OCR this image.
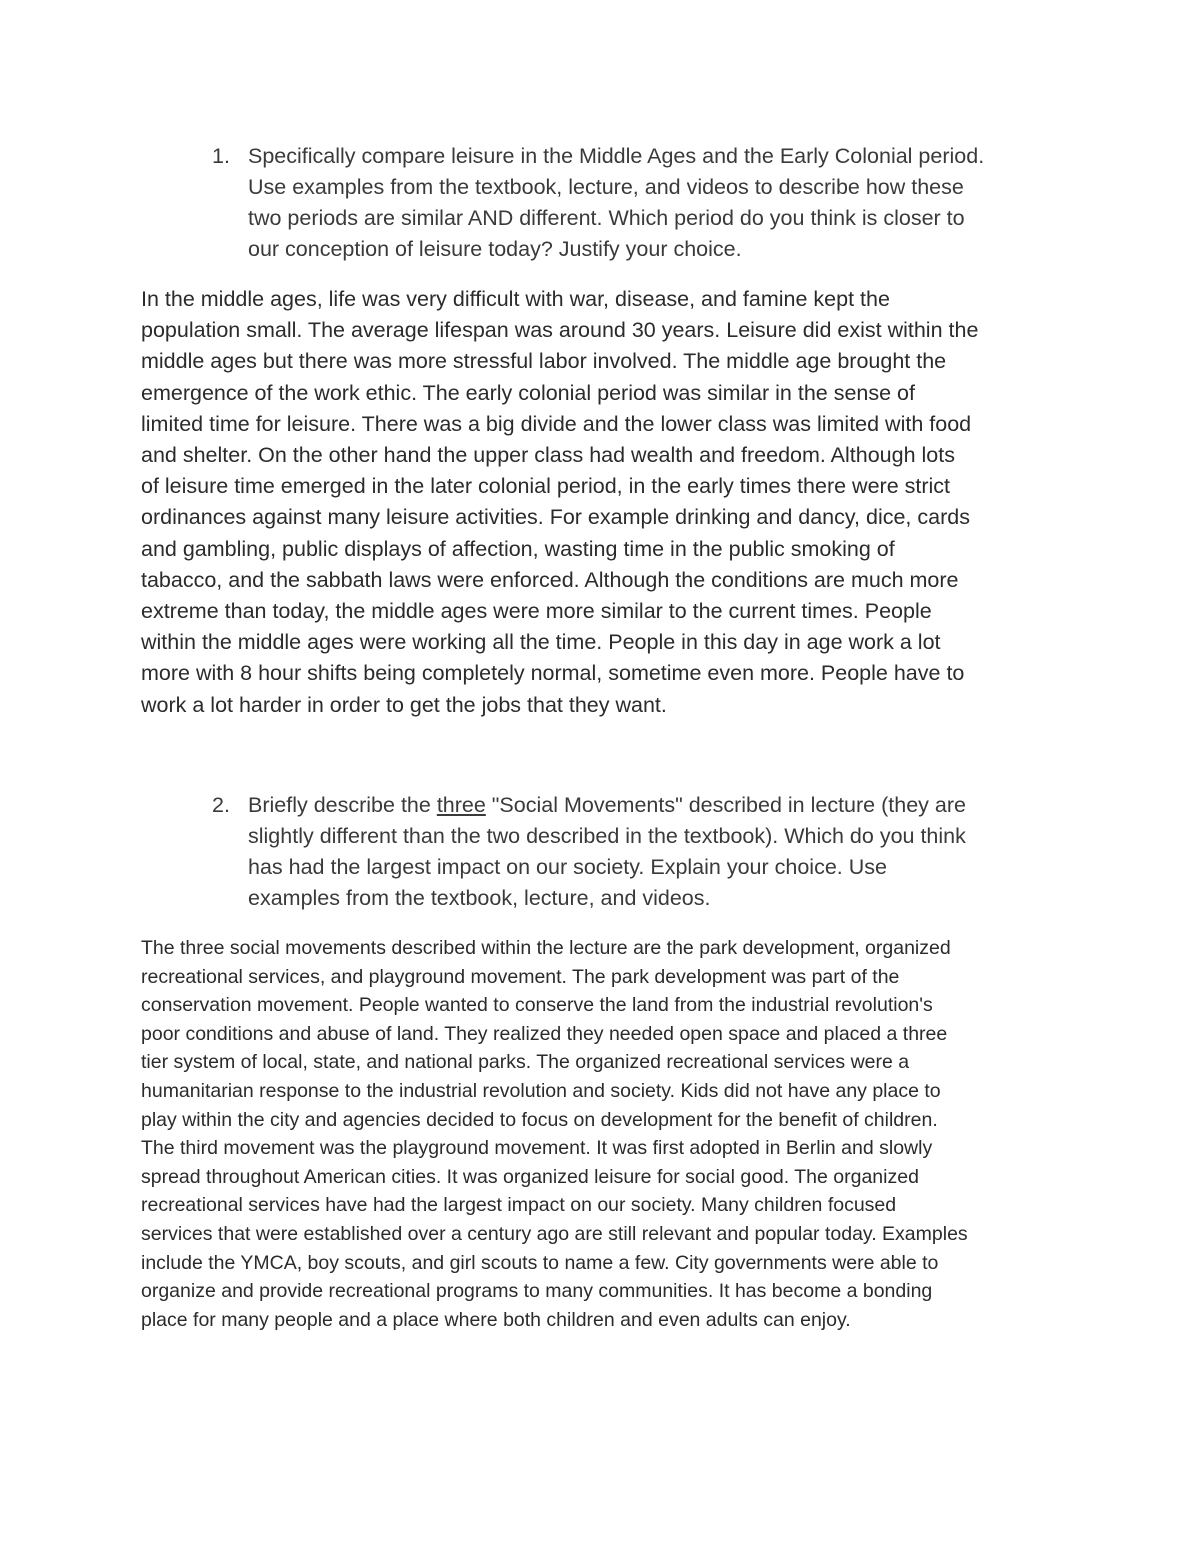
1. Specifically compare leisure in the Middle Ages and the Early Colonial period.
Use examples from the textbook, lecture, and videos to describe how these
two periods are similar AND different. Which period do you think is closer to
our conception of leisure today? Justify your choice.
In the middle ages, life was very difficult with war, disease, and famine kept the
population small. The average lifespan was around 30 years. Leisure did exist within the
middle ages but there was more stressful labor involved. The middle age brought the
emergence of the work ethic. The early colonial period was similar in the sense of
limited time for leisure. There was a big divide and the lower class was limited with food
and shelter. On the other hand the upper class had wealth and freedom. Although lots
of leisure time emerged in the later colonial period, in the early times there were strict
ordinances against many leisure activities. For example drinking and dancy, dice, cards
and gambling, public displays of affection, wasting time in the public smoking of
tabacco, and the sabbath laws were enforced. Although the conditions are much more
extreme than today, the middle ages were more similar to the current times. People
within the middle ages were working all the time. People in this day in age work a lot
more with 8 hour shifts being completely normal, sometime even more. People have to
work a lot harder in order to get the jobs that they want.
2. Briefly describe the three "Social Movements" described in lecture (they are
slightly different than the two described in the textbook). Which do you think
has had the largest impact on our society. Explain your choice. Use
examples from the textbook, lecture, and videos.
The three social movements described within the lecture are the park development, organized
recreational services, and playground movement. The park development was part of the
conservation movement. People wanted to conserve the land from the industrial revolution's
poor conditions and abuse of land. They realized they needed open space and placed a three
tier system of local, state, and national parks. The organized recreational services were a
humanitarian response to the industrial revolution and society. Kids did not have any place to
play within the city and agencies decided to focus on development for the benefit of children.
The third movement was the playground movement. It was first adopted in Berlin and slowly
spread throughout American cities. It was organized leisure for social good. The organized
recreational services have had the largest impact on our society. Many children focused
services that were established over a century ago are still relevant and popular today. Examples
include the YMCA, boy scouts, and girl scouts to name a few. City governments were able to
organize and provide recreational programs to many communities. It has become a bonding
place for many people and a place where both children and even adults can enjoy.
